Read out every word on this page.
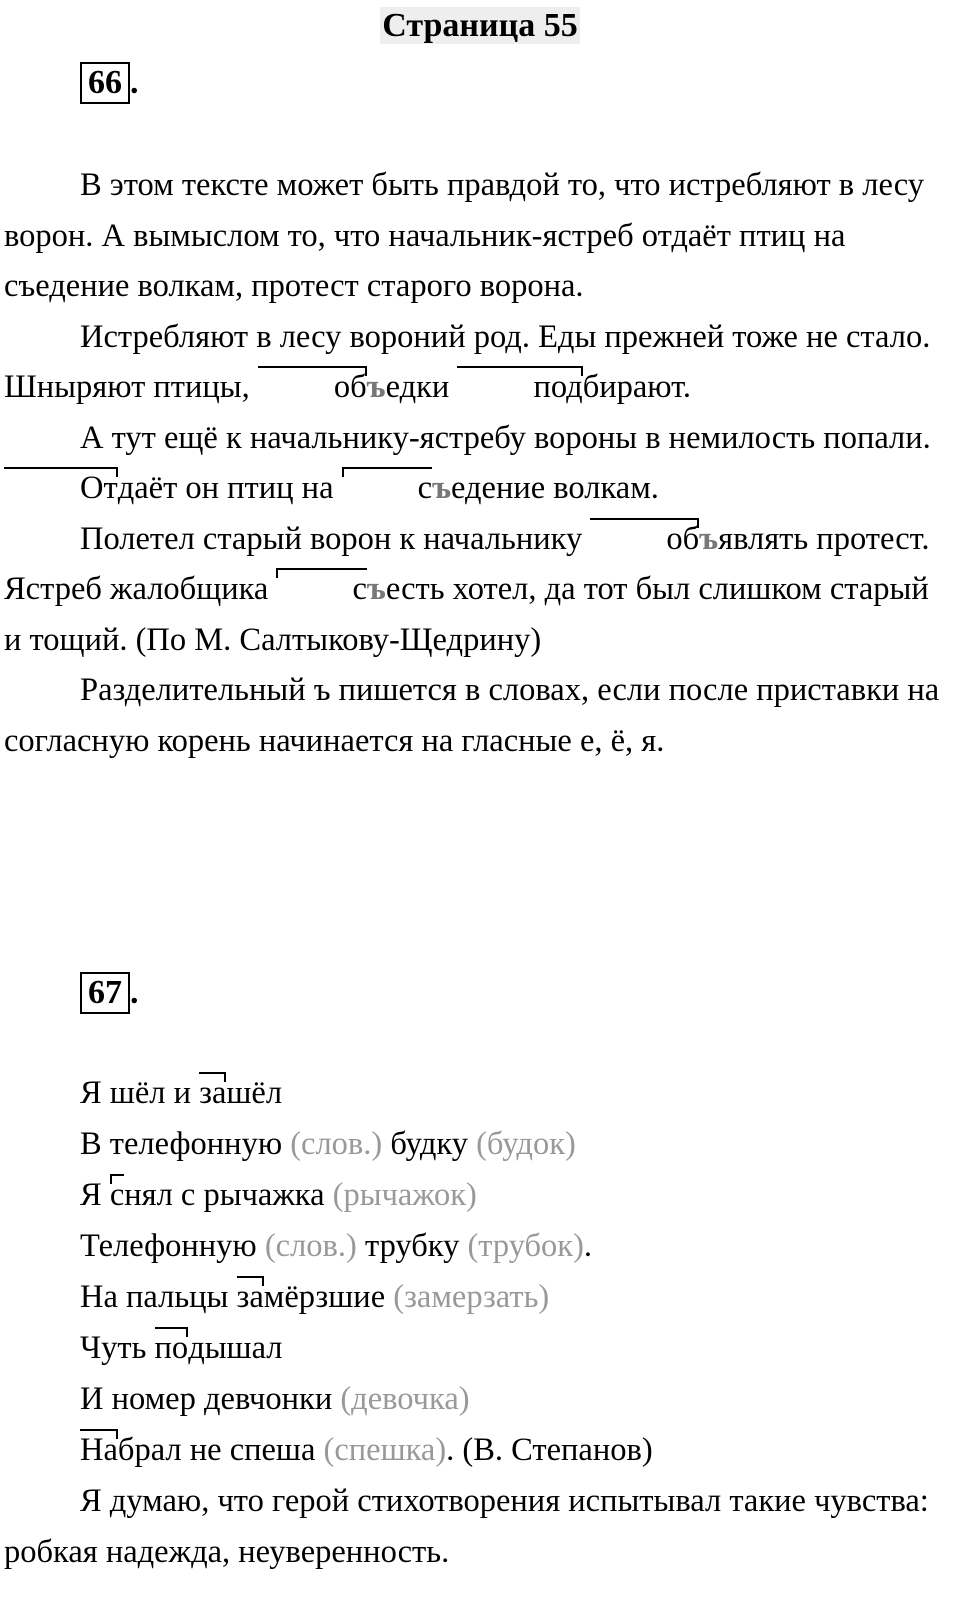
Страница 55
66 .

В этом тексте может быть правдой то, что истребляют в лесу ворон. А вымыслом то, что начальник-ястреб отдаёт птиц на съедение волкам, протест старого ворона.

Истребляют в лесу вороний род. Еды прежней тоже не стало. Шныряют птицы,	объедки	подбирают.

А тут ещё к начальнику-ястребу вороны в немилость попали. Отдаёт он птиц на	съедение волкам.

Полетел старый ворон к начальнику	объявлять протест. Ястреб жалобщика	съесть хотел, да тот был слишком старый и тощий. (По М. Салтыкову-Щедрину)

Разделительный ъ пишется в словах, если после приставки на согласную корень начинается на гласные е, ё, я.

67 .
Я шёл и зашёл
В телефонную (слов.) будку (будок)
Я снял с рычажка (рычажок)
Телефонную (слов.) трубку (трубок).
На пальцы замёрзшие (замерзать)
Чуть подышал
И номер девчонки (девочка)
Набрал не спеша (спешка). (В. Степанов)

Я думаю, что герой стихотворения испытывал такие чувства: робкая надежда, неуверенность.
